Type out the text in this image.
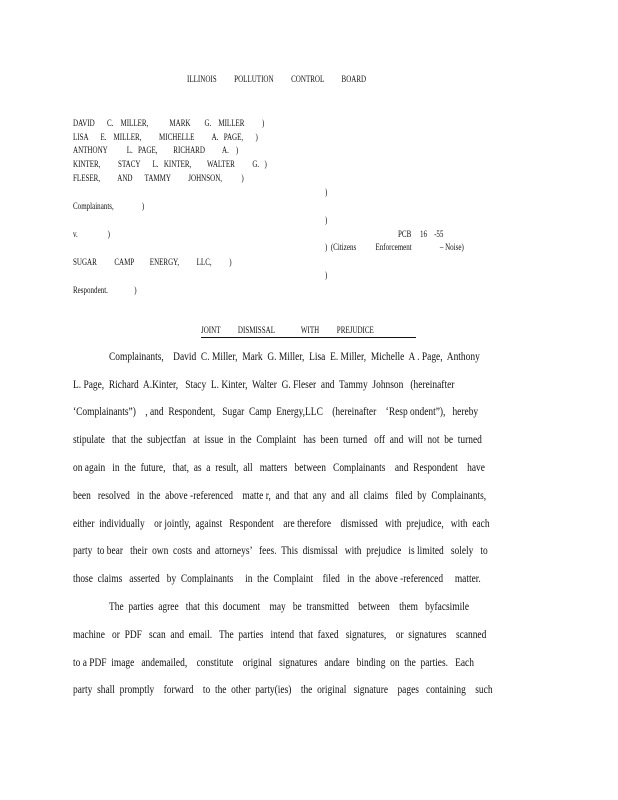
ILLINOIS          POLLUTION          CONTROL          BOARD
DAVID       C.    MILLER,            MARK        G.    MILLER          )
LISA       E.    MILLER,          MICHELLE          A.   PAGE,       )
ANTHONY           L.   PAGE,         RICHARD          A.    )
KINTER,          STACY       L.   KINTER,         WALTER          G.   )
FLESER,          AND       TAMMY          JOHNSON,           )
)
Complainants,                )
)
v.                 )	PCB     16    -55
)  (Citizens           Enforcement                – Noise)
SUGAR          CAMP         ENERGY,          LLC,          )
)
Respondent.               )
JOINT          DISMISSAL               WITH          PREJUDICE
Complainants,    David  C. Miller,  Mark  G. Miller,  Lisa  E. Miller,  Michelle  A . Page,  Anthony
L. Page,  Richard  A.Kinter,   Stacy  L. Kinter,  Walter  G. Fleser  and  Tammy  Johnson   (hereinafter
‘Complainants”)    , and  Respondent,   Sugar  Camp  Energy,LLC    (hereinafter    ‘Resp ondent”),   hereby
stipulate   that  the  subjectfan   at  issue  in  the  Complaint   has  been  turned   off  and  will  not  be  turned
on again   in  the  future,   that,  as  a  result,  all   matters   between   Complainants    and  Respondent    have
been   resolved   in  the  above -referenced    matte r,  and  that  any  and  all  claims   filed  by  Complainants,
either  individually    or jointly,  against   Respondent    are therefore    dismissed   with  prejudice,   with  each
party  to bear   their  own  costs  and  attorneys’   fees.  This  dismissal   with  prejudice   is limited   solely   to
those  claims   asserted   by  Complainants     in  the  Complaint    filed   in  the  above -referenced     matter.
The  parties  agree   that  this  document    may   be  transmitted    between    them   byfacsimile
machine   or  PDF   scan  and  email.   The  parties   intend  that  faxed   signatures,    or  signatures    scanned
to a PDF  image   andemailed,    constitute    original   signatures   andare   binding  on  the  parties.   Each
party  shall  promptly    forward    to  the  other  party(ies)    the  original   signature    pages   containing    such
